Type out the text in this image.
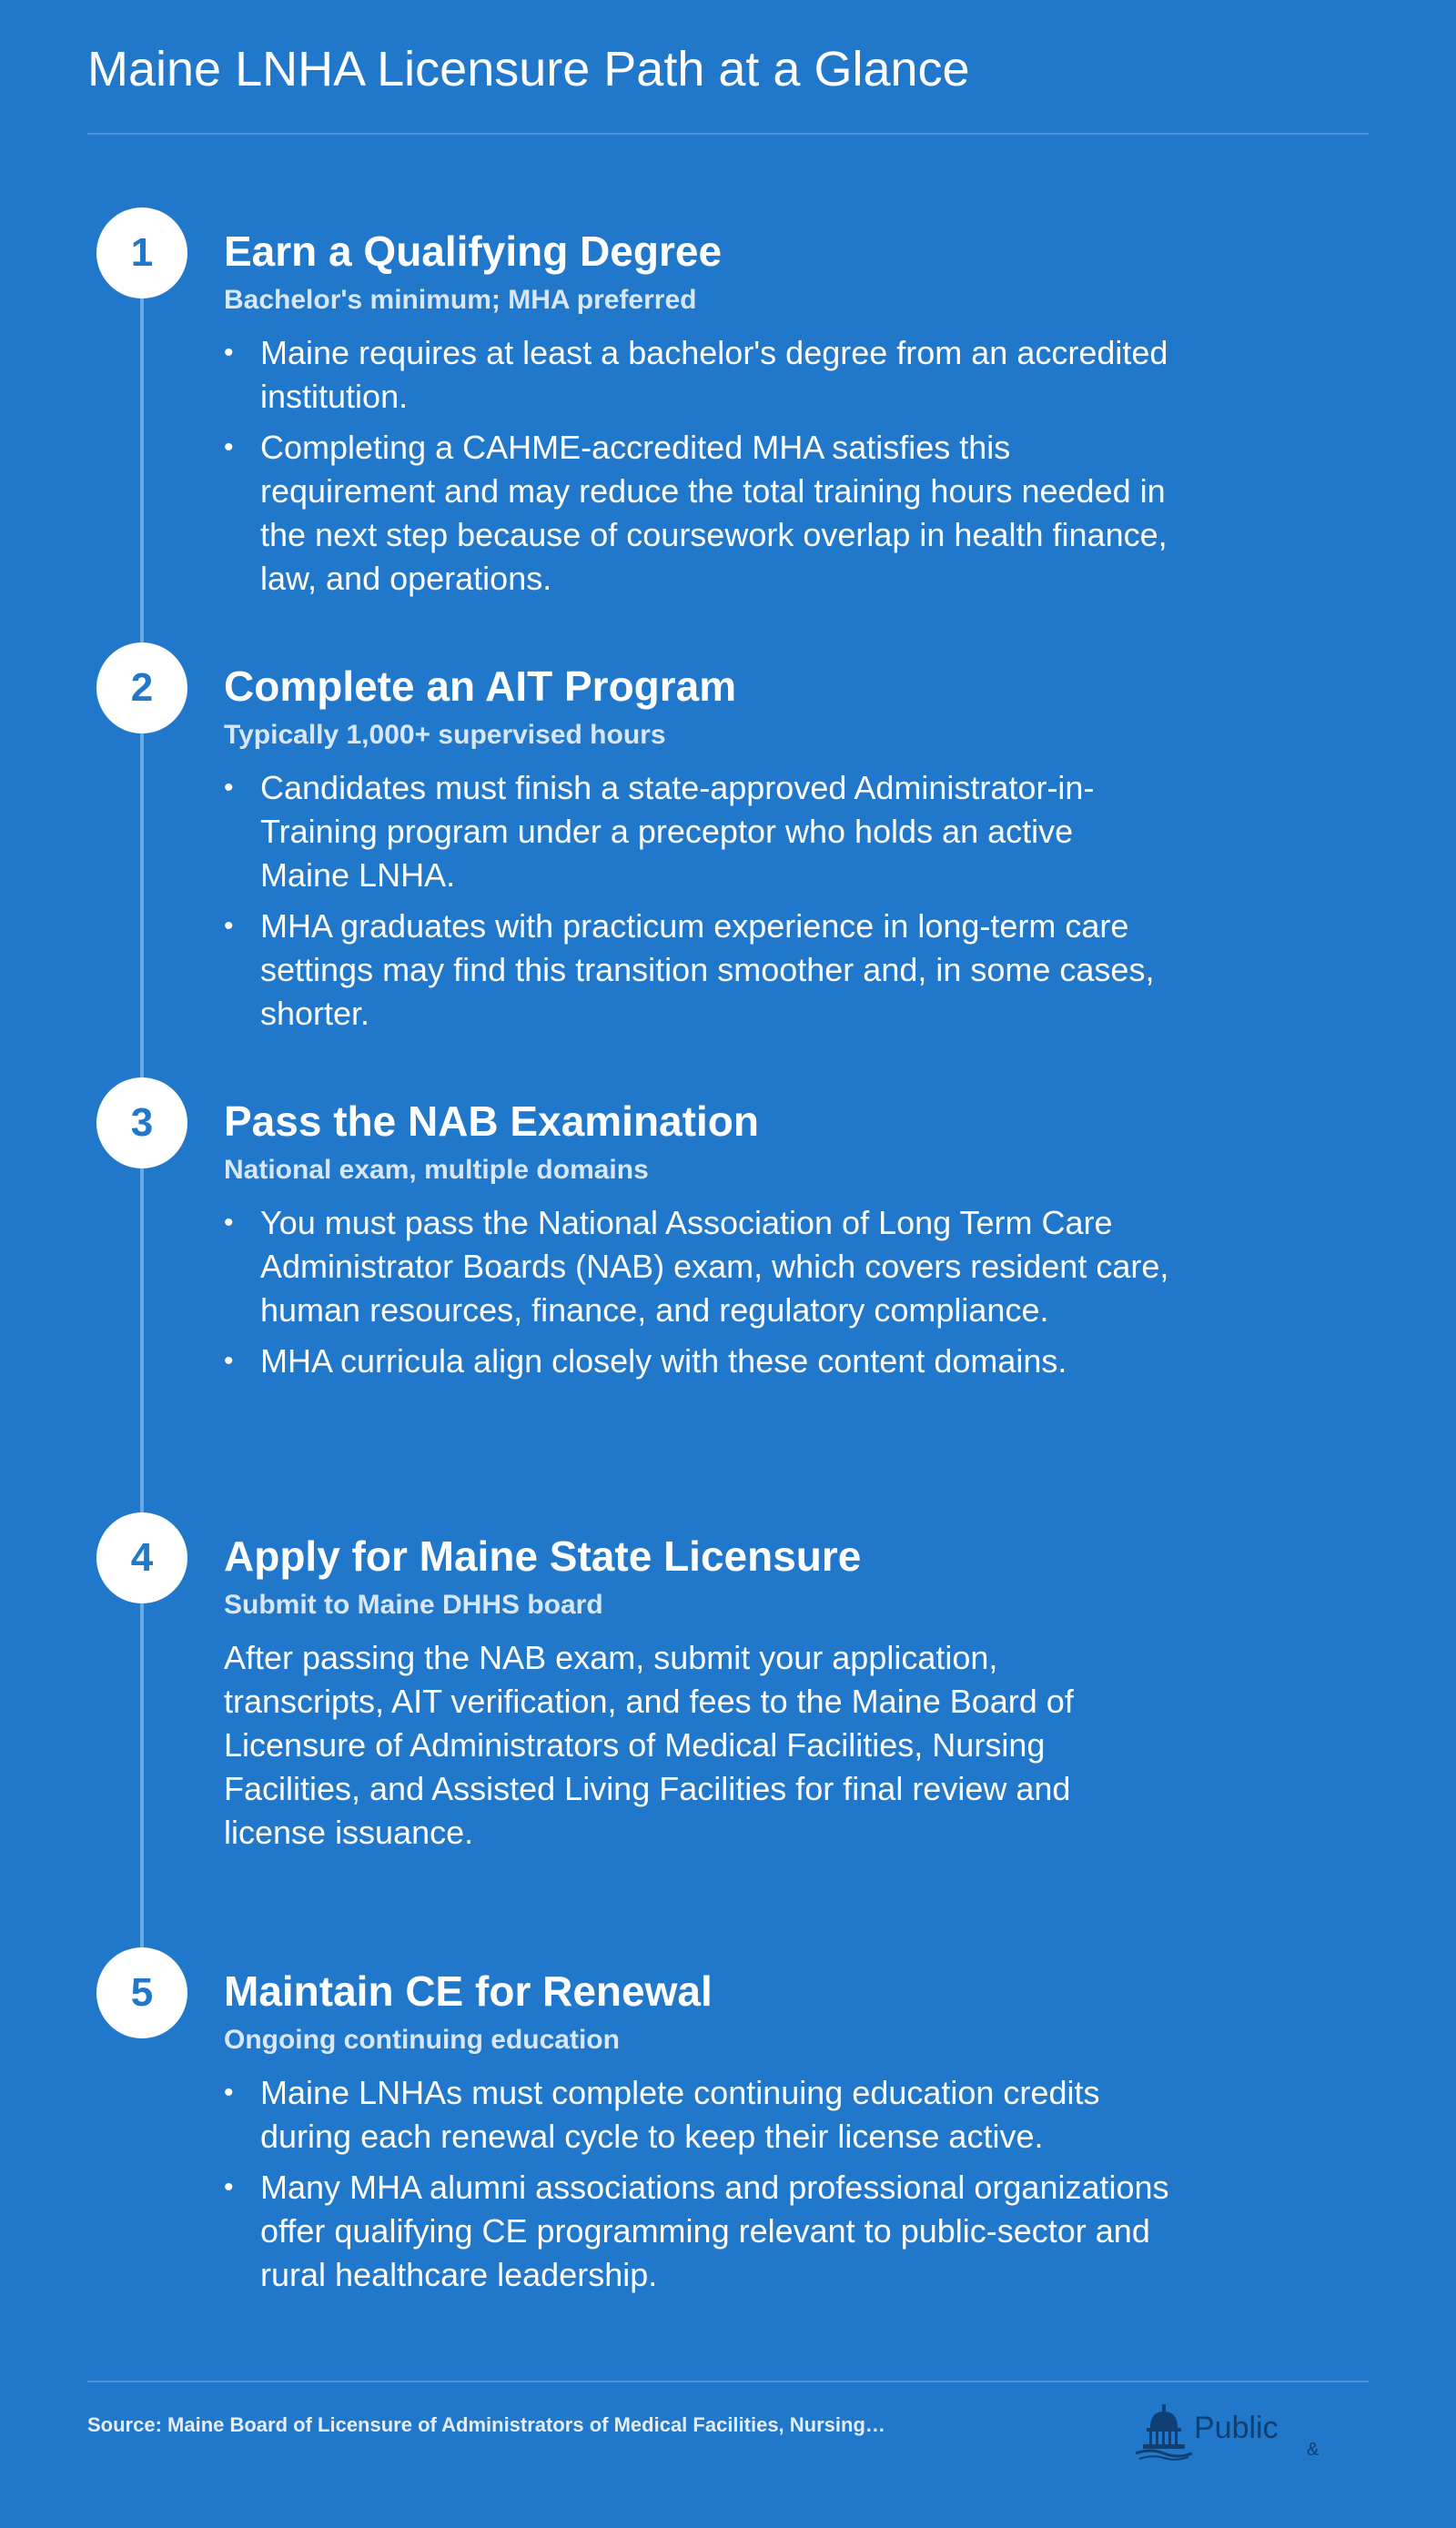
Maine LNHA Licensure Path at a Glance
1	Earn a Qualifying Degree
Bachelor's minimum; MHA preferred
• Maine requires at least a bachelor's degree from an accredited institution.
• Completing a CAHME-accredited MHA satisfies this requirement and may reduce the total training hours needed in the next step because of coursework overlap in health finance, law, and operations.
2	Complete an AIT Program
Typically 1,000+ supervised hours
• Candidates must finish a state-approved Administrator-in-Training program under a preceptor who holds an active Maine LNHA.
• MHA graduates with practicum experience in long-term care settings may find this transition smoother and, in some cases, shorter.
3	Pass the NAB Examination
National exam, multiple domains
• You must pass the National Association of Long Term Care Administrator Boards (NAB) exam, which covers resident care, human resources, finance, and regulatory compliance.
• MHA curricula align closely with these content domains.
4	Apply for Maine State Licensure
Submit to Maine DHHS board

After passing the NAB exam, submit your application, transcripts, AIT verification, and fees to the Maine Board of Licensure of Administrators of Medical Facilities, Nursing Facilities, and Assisted Living Facilities for final review and license issuance.

5	Maintain CE for Renewal
Ongoing continuing education
• Maine LNHAs must complete continuing education credits during each renewal cycle to keep their license active.
• Many MHA alumni associations and professional organizations offer qualifying CE programming relevant to public-sector and rural healthcare leadership.
Source: Maine Board of Licensure of Administrators of Medical Facilities, Nursing…	Public
&
